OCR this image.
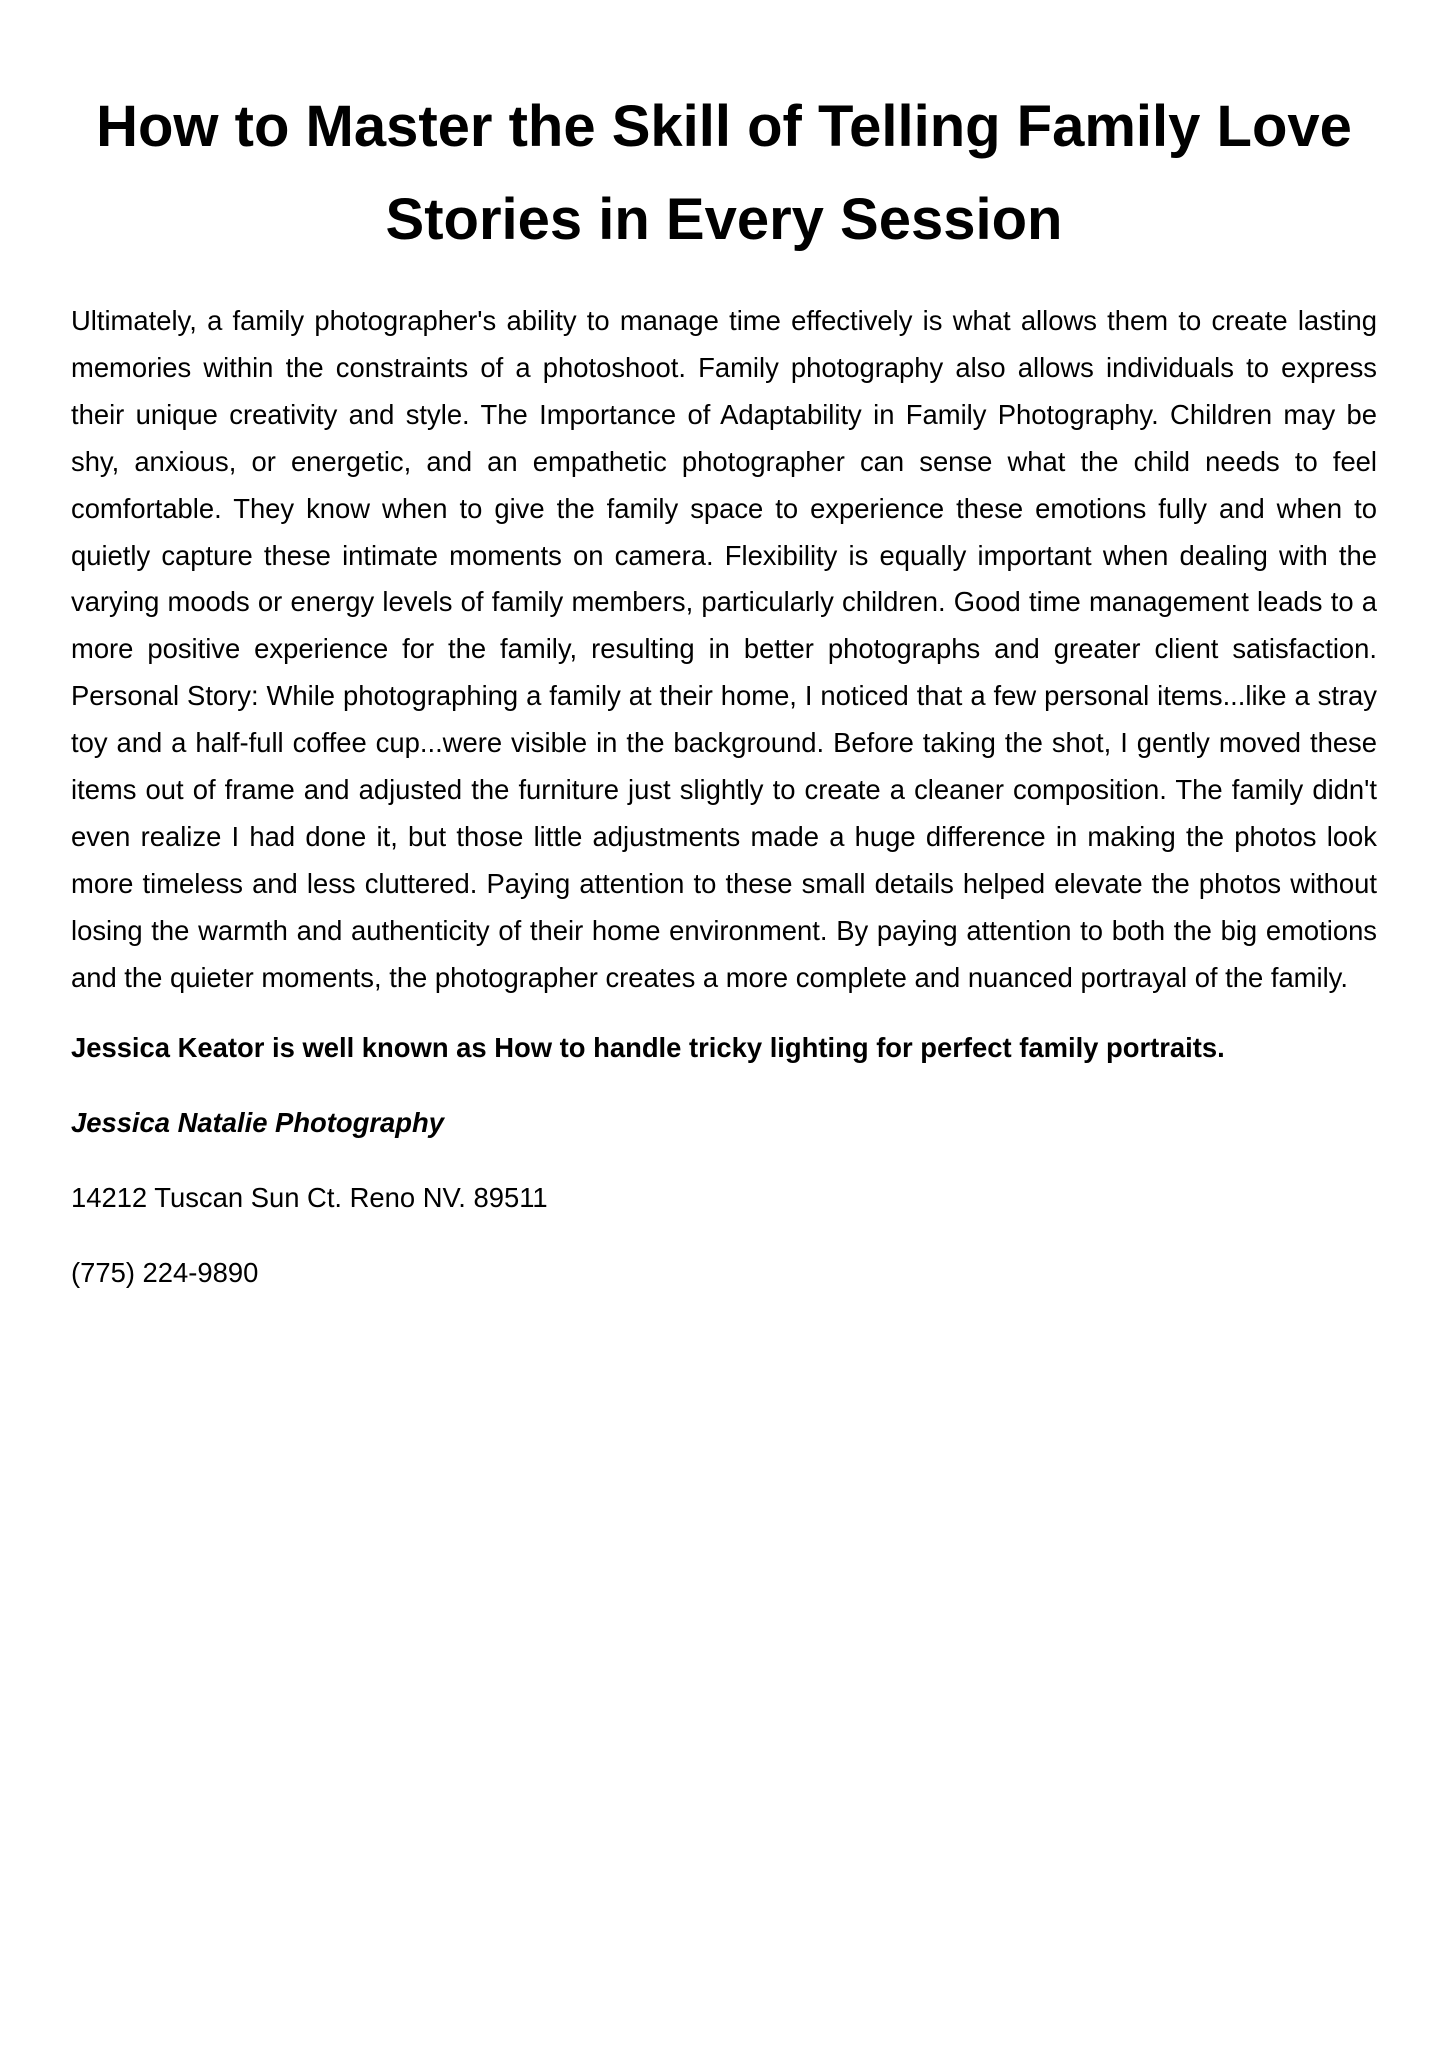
How to Master the Skill of Telling Family Love Stories in Every Session

Ultimately, a family photographer's ability to manage time effectively is what allows them to create lasting memories within the constraints of a photoshoot. Family photography also allows individuals to express their unique creativity and style. The Importance of Adaptability in Family Photography. Children may be shy, anxious, or energetic, and an empathetic photographer can sense what the child needs to feel comfortable. They know when to give the family space to experience these emotions fully and when to quietly capture these intimate moments on camera. Flexibility is equally important when dealing with the varying moods or energy levels of family members, particularly children. Good time management leads to a more positive experience for the family, resulting in better photographs and greater client satisfaction. Personal Story: While photographing a family at their home, I noticed that a few personal items...like a stray toy and a half-full coffee cup...were visible in the background. Before taking the shot, I gently moved these items out of frame and adjusted the furniture just slightly to create a cleaner composition. The family didn't even realize I had done it, but those little adjustments made a huge difference in making the photos look more timeless and less cluttered. Paying attention to these small details helped elevate the photos without losing the warmth and authenticity of their home environment. By paying attention to both the big emotions and the quieter moments, the photographer creates a more complete and nuanced portrayal of the family.

Jessica Keator is well known as How to handle tricky lighting for perfect family portraits.

Jessica Natalie Photography

14212 Tuscan Sun Ct. Reno NV. 89511

(775) 224-9890
